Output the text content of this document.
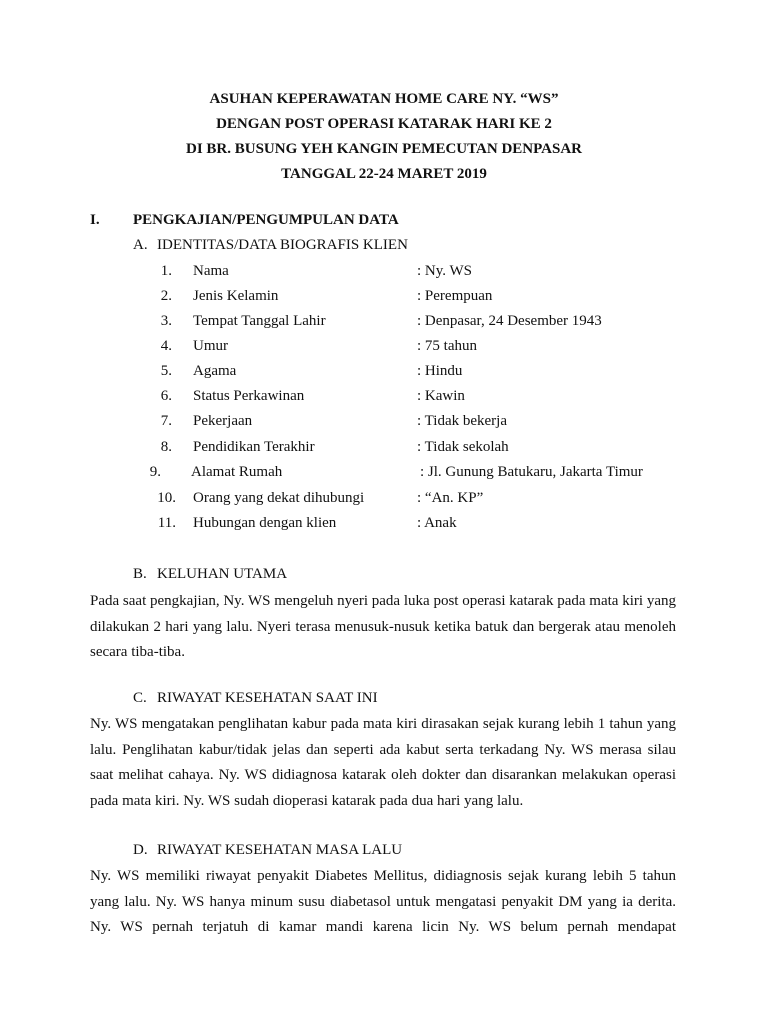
ASUHAN KEPERAWATAN HOME CARE NY. “WS”
DENGAN POST OPERASI KATARAK HARI KE 2
DI BR. BUSUNG YEH KANGIN PEMECUTAN DENPASAR
TANGGAL 22-24 MARET 2019
I. PENGKAJIAN/PENGUMPULAN DATA
A. IDENTITAS/DATA BIOGRAFIS KLIEN
1. Nama	: Ny. WS
2. Jenis Kelamin	: Perempuan
3. Tempat Tanggal Lahir	: Denpasar, 24 Desember 1943
4. Umur	: 75 tahun
5. Agama	: Hindu
6. Status Perkawinan	: Kawin
7. Pekerjaan	: Tidak bekerja
8. Pendidikan Terakhir	: Tidak sekolah
9. Alamat Rumah	: Jl. Gunung Batukaru, Jakarta Timur
10. Orang yang dekat dihubungi	: “An. KP”
11. Hubungan dengan klien	: Anak
B. KELUHAN UTAMA

Pada saat pengkajian, Ny. WS mengeluh nyeri pada luka post operasi katarak pada mata kiri yang dilakukan 2 hari yang lalu. Nyeri terasa menusuk-nusuk ketika batuk dan bergerak atau menoleh secara tiba-tiba.

C. RIWAYAT KESEHATAN SAAT INI

Ny. WS mengatakan penglihatan kabur pada mata kiri dirasakan sejak kurang lebih 1 tahun yang lalu. Penglihatan kabur/tidak jelas dan seperti ada kabut serta terkadang Ny. WS merasa silau saat melihat cahaya. Ny. WS didiagnosa katarak oleh dokter dan disarankan melakukan operasi pada mata kiri. Ny. WS sudah dioperasi katarak pada dua hari yang lalu.

D. RIWAYAT KESEHATAN MASA LALU

Ny. WS memiliki riwayat penyakit Diabetes Mellitus, didiagnosis sejak kurang lebih 5 tahun yang lalu. Ny. WS hanya minum susu diabetasol untuk mengatasi penyakit DM yang ia derita. Ny. WS pernah terjatuh di kamar mandi karena licin Ny. WS belum pernah mendapat
